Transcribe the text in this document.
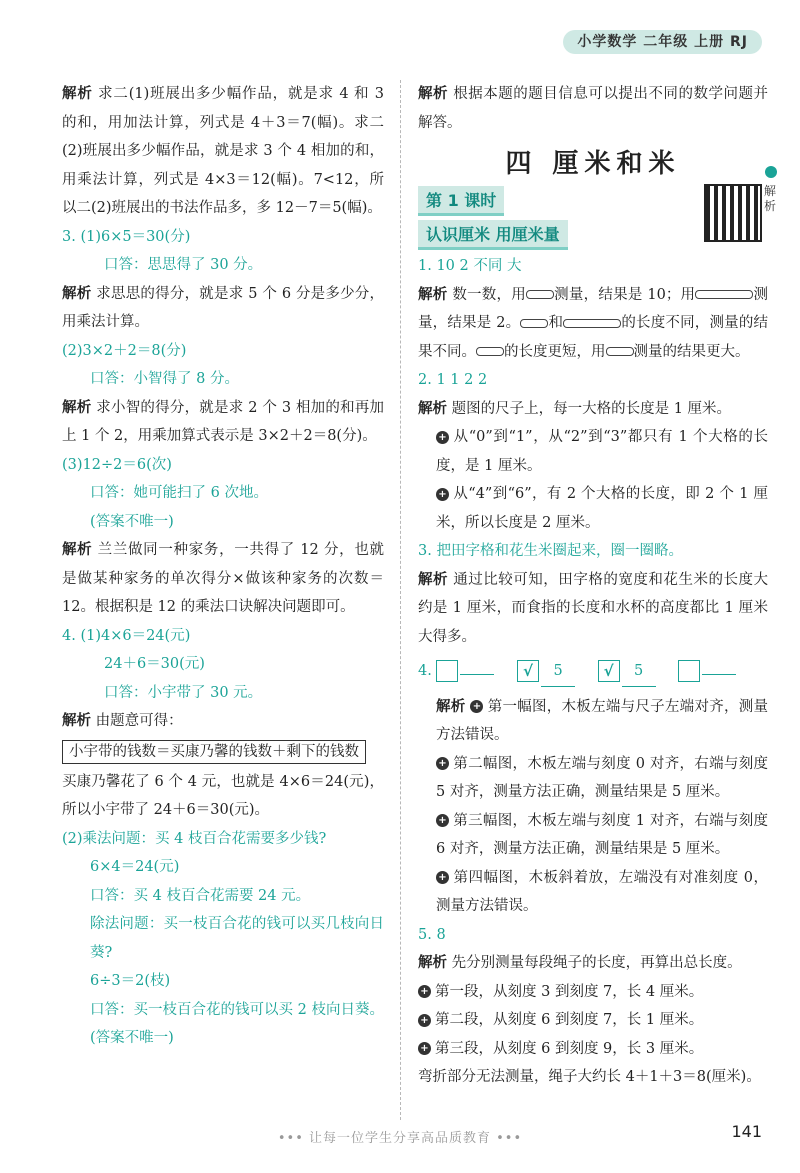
小学数学 二年级 上册 RJ

解析 求二(1)班展出多少幅作品，就是求 4 和 3 的和，用加法计算，列式是 4＋3＝7(幅)。求二(2)班展出多少幅作品，就是求 3 个 4 相加的和，用乘法计算，列式是 4×3＝12(幅)。7<12，所以二(2)班展出的书法作品多，多 12－7＝5(幅)。

3. (1)6×5＝30(分)

口答：思思得了 30 分。

解析 求思思的得分，就是求 5 个 6 分是多少分，用乘法计算。

(2)3×2＋2＝8(分)

口答：小智得了 8 分。

解析 求小智的得分，就是求 2 个 3 相加的和再加上 1 个 2，用乘加算式表示是 3×2＋2＝8(分)。

(3)12÷2＝6(次)

口答：她可能扫了 6 次地。

(答案不唯一)

解析 兰兰做同一种家务，一共得了 12 分，也就是做某种家务的单次得分×做该种家务的次数＝12。根据积是 12 的乘法口诀解决问题即可。

4. (1)4×6＝24(元)

24＋6＝30(元)

口答：小宇带了 30 元。

解析 由题意可得：

小宇带的钱数＝买康乃馨的钱数＋剩下的钱数

买康乃馨花了 6 个 4 元，也就是 4×6＝24(元)，所以小宇带了 24＋6＝30(元)。

(2)乘法问题：买 4 枝百合花需要多少钱?

6×4＝24(元)

口答：买 4 枝百合花需要 24 元。

除法问题：买一枝百合花的钱可以买几枝向日葵?

6÷3＝2(枝)

口答：买一枝百合花的钱可以买 2 枝向日葵。

(答案不唯一)

解析 根据本题的题目信息可以提出不同的数学问题并解答。

四 厘米和米
第 1 课时
认识厘米 用厘米量
解析

1. 10 2 不同 大

解析 数一数，用 测量，结果是 10；用	测量，结果是 2。 和	的长度不同，测量的结果不同。 的长度更短，用 测量的结果更大。

2. 1 1 2 2

解析 题图的尺子上，每一大格的长度是 1 厘米。

+ 从“0”到“1”，从“2”到“3”都只有 1 个大格的长度，是 1 厘米。

+ 从“4”到“6”，有 2 个大格的长度，即 2 个 1 厘米，所以长度是 2 厘米。

3. 把田字格和花生米圈起来，圈一圈略。

解析 通过比较可知，田字格的宽度和花生米的长度大约是 1 厘米，而食指的长度和水杯的高度都比 1 厘米大得多。

4.	√ 5	√ 5

解析 + 第一幅图，木板左端与尺子左端对齐，测量方法错误。

+ 第二幅图，木板左端与刻度 0 对齐，右端与刻度 5 对齐，测量方法正确，测量结果是 5 厘米。

+ 第三幅图，木板左端与刻度 1 对齐，右端与刻度 6 对齐，测量方法正确，测量结果是 5 厘米。

+ 第四幅图，木板斜着放，左端没有对准刻度 0，测量方法错误。

5. 8

解析 先分别测量每段绳子的长度，再算出总长度。

+ 第一段，从刻度 3 到刻度 7，长 4 厘米。

+ 第二段，从刻度 6 到刻度 7，长 1 厘米。

+ 第三段，从刻度 6 到刻度 9，长 3 厘米。

弯折部分无法测量，绳子大约长 4＋1＋3＝8(厘米)。

••• 让每一位学生分享高品质教育 •••	141
